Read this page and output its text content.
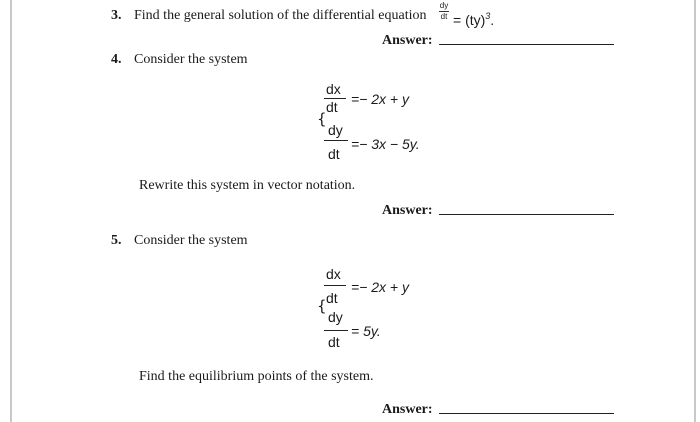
3. Find the general solution of the differential equation
dy
dt = (ty)$^3$.
Answer:
4. Consider the system
dx
dt =− 2x + y
{
dy
dt
=− 3x − 5y.
Rewrite this system in vector notation.
Answer:
5. Consider the system
dx
dt
=− 2x + y
{
dy
dt
= 5y.
Find the equilibrium points of the system.
Answer:
